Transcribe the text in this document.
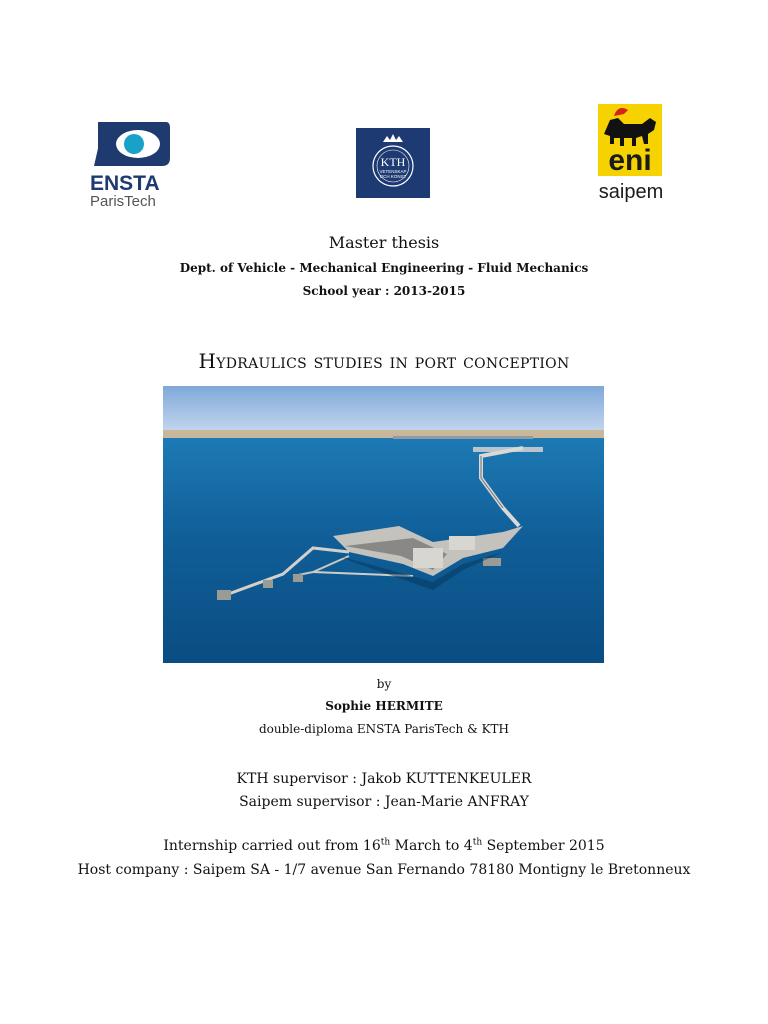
ENSTA
ParisTech
KTH
VETENSKAP
OCH KONST	eni
saipem
Master thesis
Dept. of Vehicle - Mechanical Engineering - Fluid Mechanics
School year : 2013-2015
Hydraulics studies in port conception
by
Sophie HERMITE
double-diploma ENSTA ParisTech & KTH
KTH supervisor : Jakob KUTTENKEULER
Saipem supervisor : Jean-Marie ANFRAY
Internship carried out from 16th March to 4th September 2015
Host company : Saipem SA - 1/7 avenue San Fernando 78180 Montigny le Bretonneux
